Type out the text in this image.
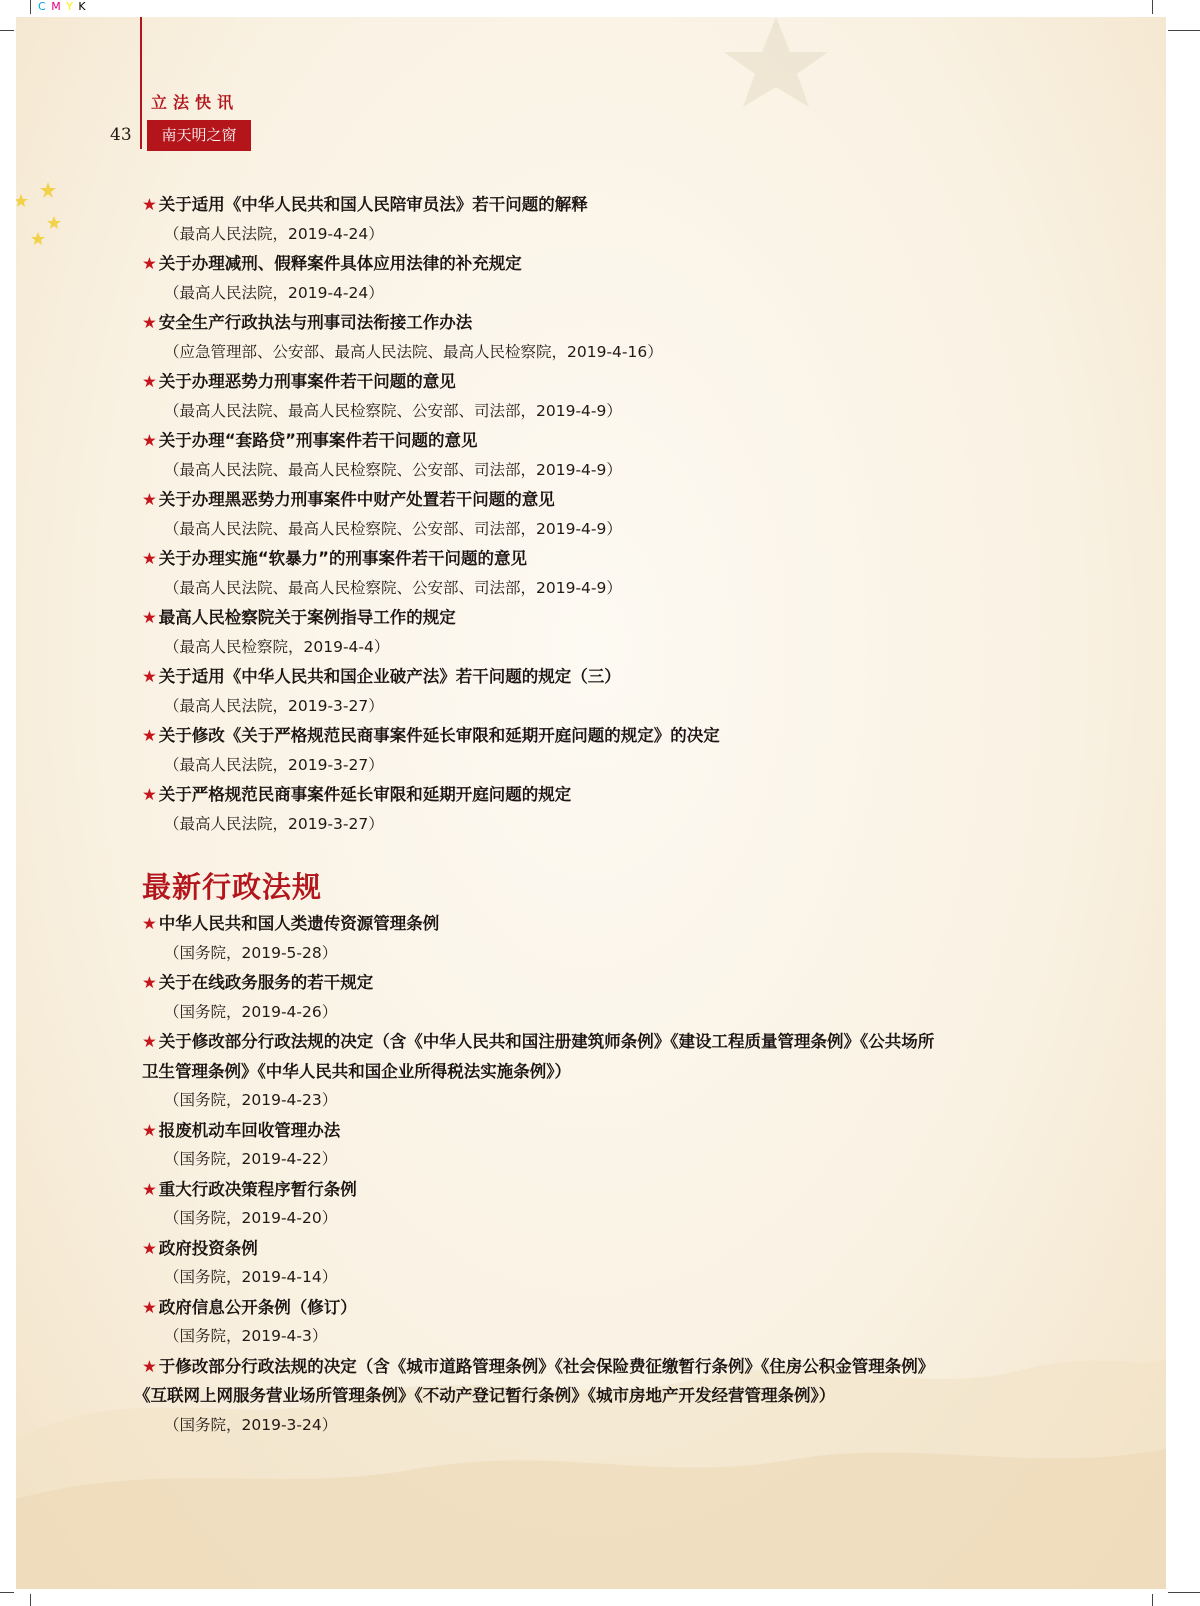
C M Y K
立法快讯
43	南天明之窗
★ 关于适用《中华人民共和国人民陪审员法》若干问题的解释
（最高人民法院，2019-4-24）
★ 关于办理减刑、假释案件具体应用法律的补充规定
（最高人民法院，2019-4-24）
★ 安全生产行政执法与刑事司法衔接工作办法
（应急管理部、公安部、最高人民法院、最高人民检察院，2019-4-16）
★ 关于办理恶势力刑事案件若干问题的意见
（最高人民法院、最高人民检察院、公安部、司法部，2019-4-9）
★ 关于办理“套路贷”刑事案件若干问题的意见
（最高人民法院、最高人民检察院、公安部、司法部，2019-4-9）
★ 关于办理黑恶势力刑事案件中财产处置若干问题的意见
（最高人民法院、最高人民检察院、公安部、司法部，2019-4-9）
★ 关于办理实施“软暴力”的刑事案件若干问题的意见
（最高人民法院、最高人民检察院、公安部、司法部，2019-4-9）
★ 最高人民检察院关于案例指导工作的规定
（最高人民检察院，2019-4-4）
★ 关于适用《中华人民共和国企业破产法》若干问题的规定（三）
（最高人民法院，2019-3-27）
★ 关于修改《关于严格规范民商事案件延长审限和延期开庭问题的规定》的决定
（最高人民法院，2019-3-27）
★ 关于严格规范民商事案件延长审限和延期开庭问题的规定
（最高人民法院，2019-3-27）
最新行政法规
★ 中华人民共和国人类遗传资源管理条例
（国务院，2019-5-28）
★ 关于在线政务服务的若干规定
（国务院，2019-4-26）
★ 关于修改部分行政法规的决定（含《中华人民共和国注册建筑师条例》《建设工程质量管理条例》《公共场所
卫生管理条例》《中华人民共和国企业所得税法实施条例》）
（国务院，2019-4-23）
★ 报废机动车回收管理办法
（国务院，2019-4-22）
★ 重大行政决策程序暂行条例
（国务院，2019-4-20）
★ 政府投资条例
（国务院，2019-4-14）
★ 政府信息公开条例（修订）
（国务院，2019-4-3）
★ 于修改部分行政法规的决定（含《城市道路管理条例》《社会保险费征缴暂行条例》《住房公积金管理条例》
《互联网上网服务营业场所管理条例》《不动产登记暂行条例》《城市房地产开发经营管理条例》）
（国务院，2019-3-24）
